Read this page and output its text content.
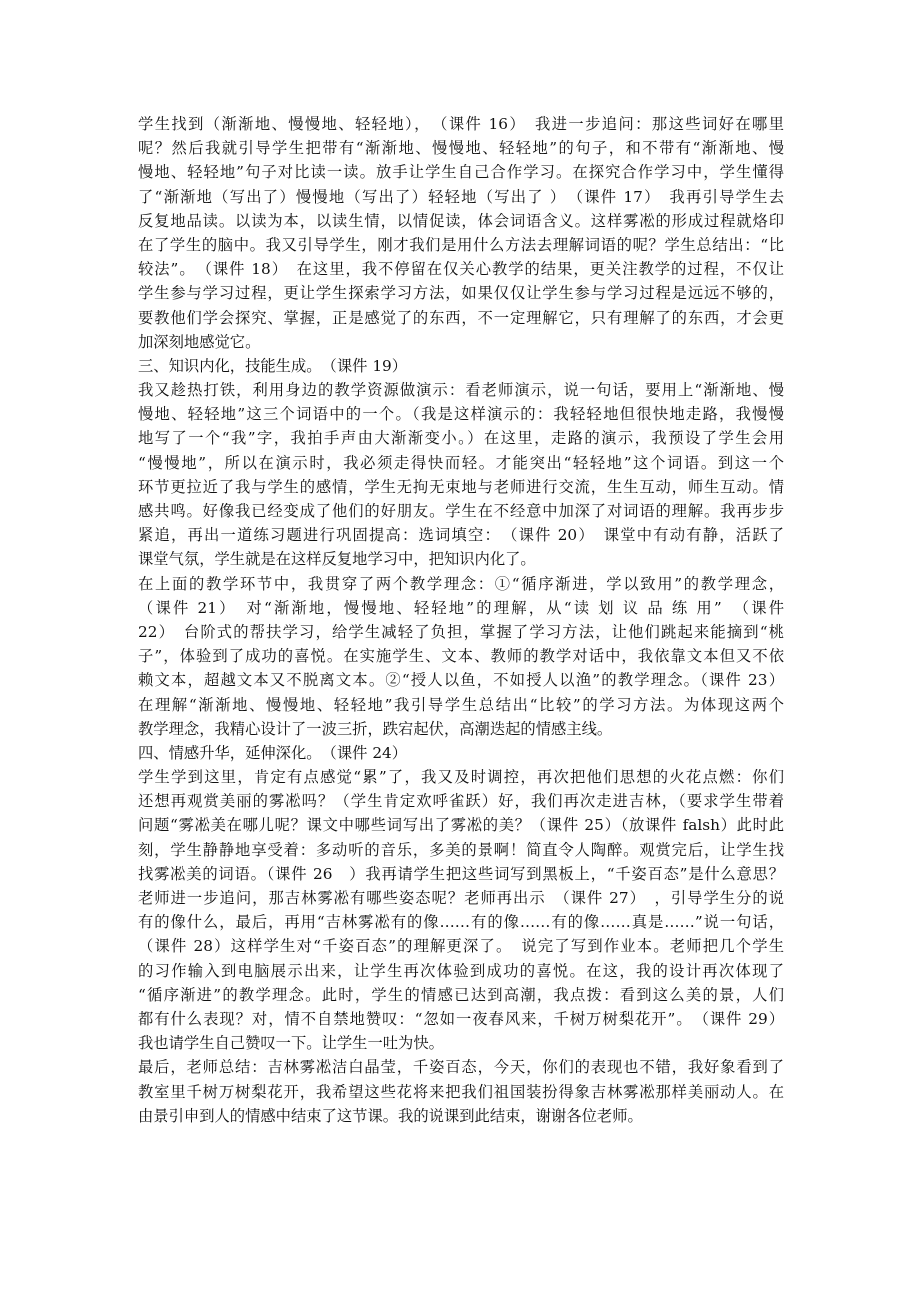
学生找到（渐渐地、慢慢地、轻轻地），　（课件 16）　我进一步追问：那这些词好在哪里
呢？然后我就引导学生把带有“渐渐地、慢慢地、轻轻地”的句子，和不带有“渐渐地、慢
慢地、轻轻地”句子对比读一读。放手让学生自己合作学习。在探究合作学习中，学生懂得
了“渐渐地（写出了）慢慢地（写出了）轻轻地（写出了 ）　（课件 17）　我再引导学生去
反复地品读。以读为本，以读生情，以情促读，体会词语含义。这样雾凇的形成过程就烙印
在了学生的脑中。我又引导学生，刚才我们是用什么方法去理解词语的呢？学生总结出：“比
较法”。　（课件 18）　在这里，我不停留在仅关心教学的结果，更关注教学的过程，不仅让
学生参与学习过程，更让学生探索学习方法，如果仅仅让学生参与学习过程是远远不够的，
要教他们学会探究、掌握，正是感觉了的东西，不一定理解它，只有理解了的东西，才会更
加深刻地感觉它。
三、知识内化，技能生成。　（课件 19）
我又趁热打铁，利用身边的教学资源做演示：看老师演示，说一句话，要用上“渐渐地、慢
慢地、轻轻地”这三个词语中的一个。（我是这样演示的：我轻轻地但很快地走路，我慢慢
地写了一个“我”字，我拍手声由大渐渐变小。）在这里，走路的演示，我预设了学生会用
“慢慢地”，所以在演示时，我必须走得快而轻。才能突出“轻轻地”这个词语。到这一个
环节更拉近了我与学生的感情，学生无拘无束地与老师进行交流，生生互动，师生互动。情
感共鸣。好像我已经变成了他们的好朋友。学生在不经意中加深了对词语的理解。我再步步
紧追，再出一道练习题进行巩固提高：选词填空：　（课件 20）　课堂中有动有静，活跃了
课堂气氛，学生就是在这样反复地学习中，把知识内化了。
在上面的教学环节中，我贯穿了两个教学理念：①“循序渐进，学以致用”的教学理念，
（课件 21）　对“渐渐地，慢慢地、轻轻地”的理解，从“读 划 议 品 练 用”　（课件
22）　台阶式的帮扶学习，给学生减轻了负担，掌握了学习方法，让他们跳起来能摘到“桃
子”，体验到了成功的喜悦。在实施学生、文本、教师的教学对话中，我依靠文本但又不依
赖文本，超越文本又不脱离文本。②“授人以鱼，不如授人以渔”的教学理念。（课件 23）
在理解“渐渐地、慢慢地、轻轻地”我引导学生总结出“比较”的学习方法。为体现这两个
教学理念，我精心设计了一波三折，跌宕起伏，高潮迭起的情感主线。
四、情感升华，延伸深化。　（课件 24）
学生学到这里，肯定有点感觉“累”了，我又及时调控，再次把他们思想的火花点燃：你们
还想再观赏美丽的雾凇吗？（学生肯定欢呼雀跃）好，我们再次走进吉林，（要求学生带着
问题“雾凇美在哪儿呢？课文中哪些词写出了雾凇的美？（课件 25）（放课件 falsh）此时此
刻，学生静静地享受着：多动听的音乐，多美的景啊！简直令人陶醉。观赏完后，让学生找
找雾凇美的词语。（课件 26　）我再请学生把这些词写到黑板上，“千姿百态”是什么意思？
老师进一步追问，那吉林雾凇有哪些姿态呢？老师再出示　（课件 27）　，引导学生分的说
有的像什么，最后，再用“吉林雾凇有的像……有的像……有的像……真是……”说一句话，
（课件 28）这样学生对“千姿百态”的理解更深了。　说完了写到作业本。老师把几个学生
的习作输入到电脑展示出来，让学生再次体验到成功的喜悦。在这，我的设计再次体现了
“循序渐进”的教学理念。此时，学生的情感已达到高潮，我点拨：看到这么美的景，人们
都有什么表现？对，情不自禁地赞叹：“忽如一夜春风来，千树万树梨花开”。　（课件 29）
我也请学生自己赞叹一下。让学生一吐为快。
最后，老师总结：吉林雾凇洁白晶莹，千姿百态，今天，你们的表现也不错，我好象看到了
教室里千树万树梨花开，我希望这些花将来把我们祖国装扮得象吉林雾凇那样美丽动人。在
由景引申到人的情感中结束了这节课。我的说课到此结束，谢谢各位老师。
